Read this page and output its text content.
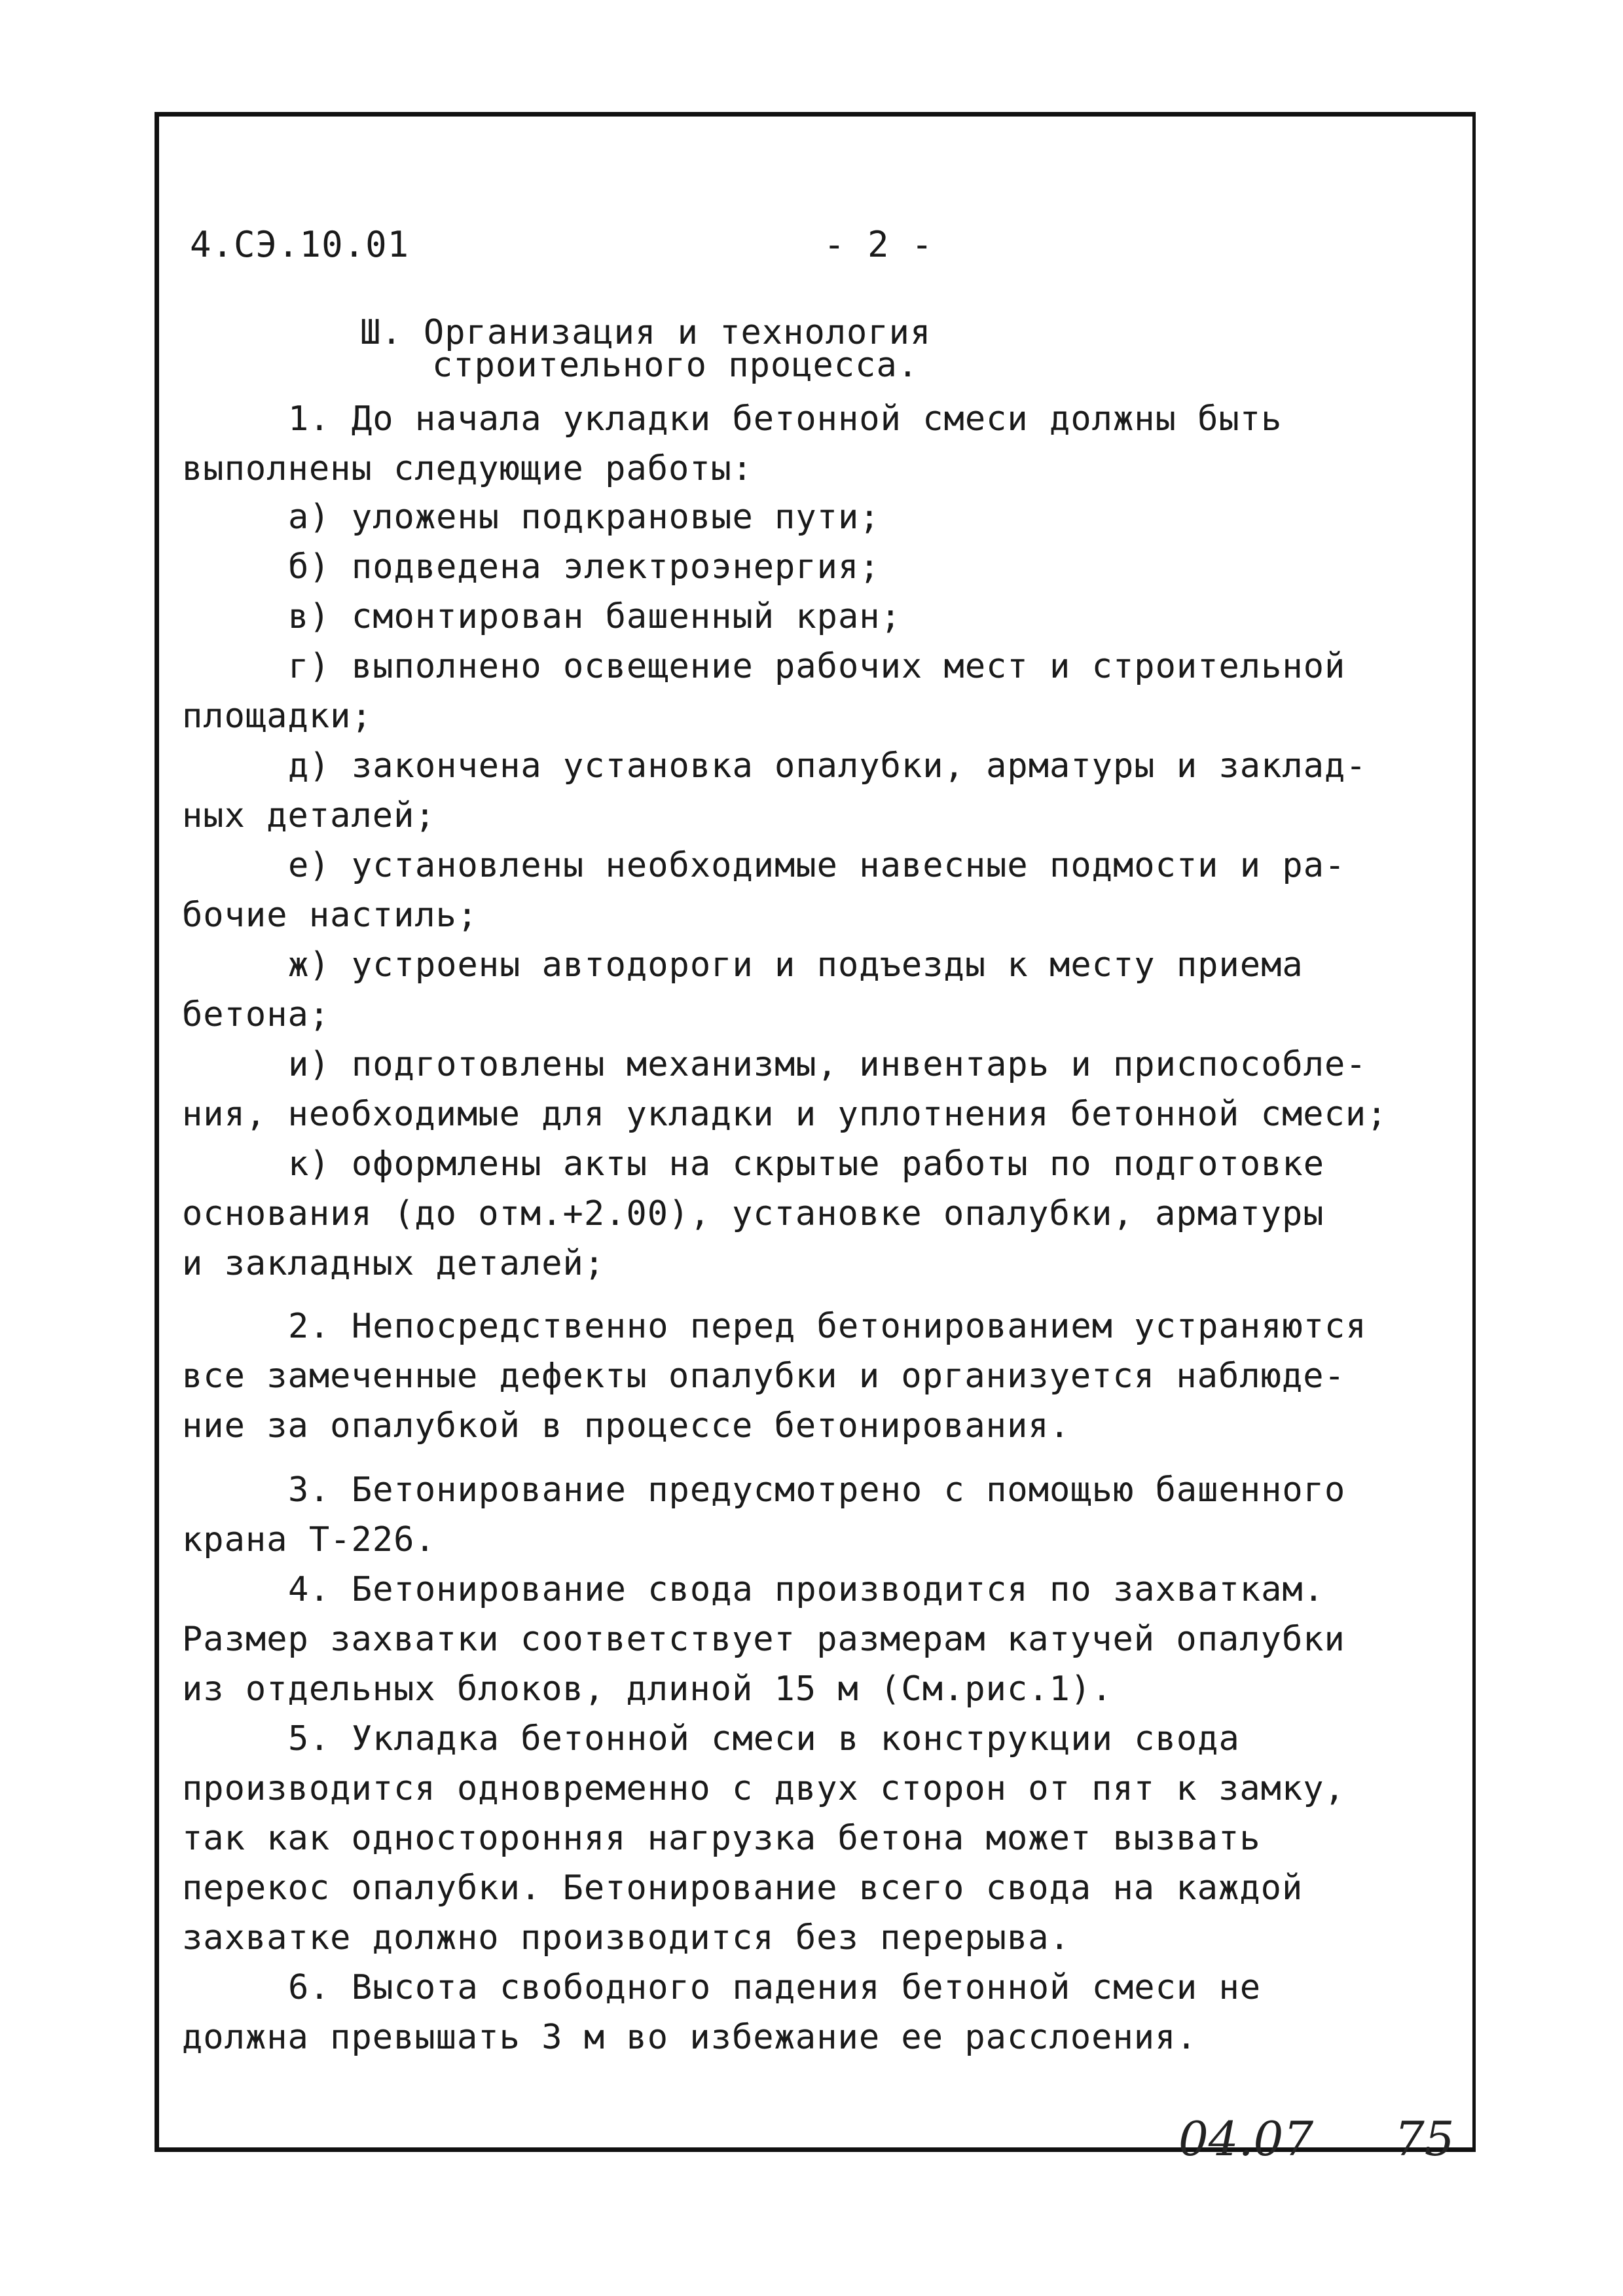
4.СЭ.10.01	- 2 -
Ш. Организация и технология
строительного процесса.
1. До начала укладки бетонной смеси должны быть
выполнены следующие работы:
а) уложены подкрановые пути;
б) подведена электроэнергия;
в) смонтирован башенный кран;
г) выполнено освещение рабочих мест и строительной
площадки;
д) закончена установка опалубки, арматуры и заклад-
ных деталей;
е) установлены необходимые навесные подмости и ра-
бочие настиль;
ж) устроены автодороги и подъезды к месту приема
бетона;
и) подготовлены механизмы, инвентарь и приспособле-
ния, необходимые для укладки и уплотнения бетонной смеси;
к) оформлены акты на скрытые работы по подготовке
основания (до отм.+2.00), установке опалубки, арматуры
и закладных деталей;
2. Непосредственно перед бетонированием устраняются
все замеченные дефекты опалубки и организуется наблюде-
ние за опалубкой в процессе бетонирования.
3. Бетонирование предусмотрено с помощью башенного
крана Т-226.
4. Бетонирование свода производится по захваткам.
Размер захватки соответствует размерам катучей опалубки
из отдельных блоков, длиной 15 м (См.рис.1).
5. Укладка бетонной смеси в конструкции свода
производится одновременно с двух сторон от пят к замку,
так как односторонняя нагрузка бетона может вызвать
перекос опалубки. Бетонирование всего свода на каждой
захватке должно производится без перерыва.
6. Высота свободного падения бетонной смеси не
должна превышать 3 м во избежание ее расслоения.
04.07 75
